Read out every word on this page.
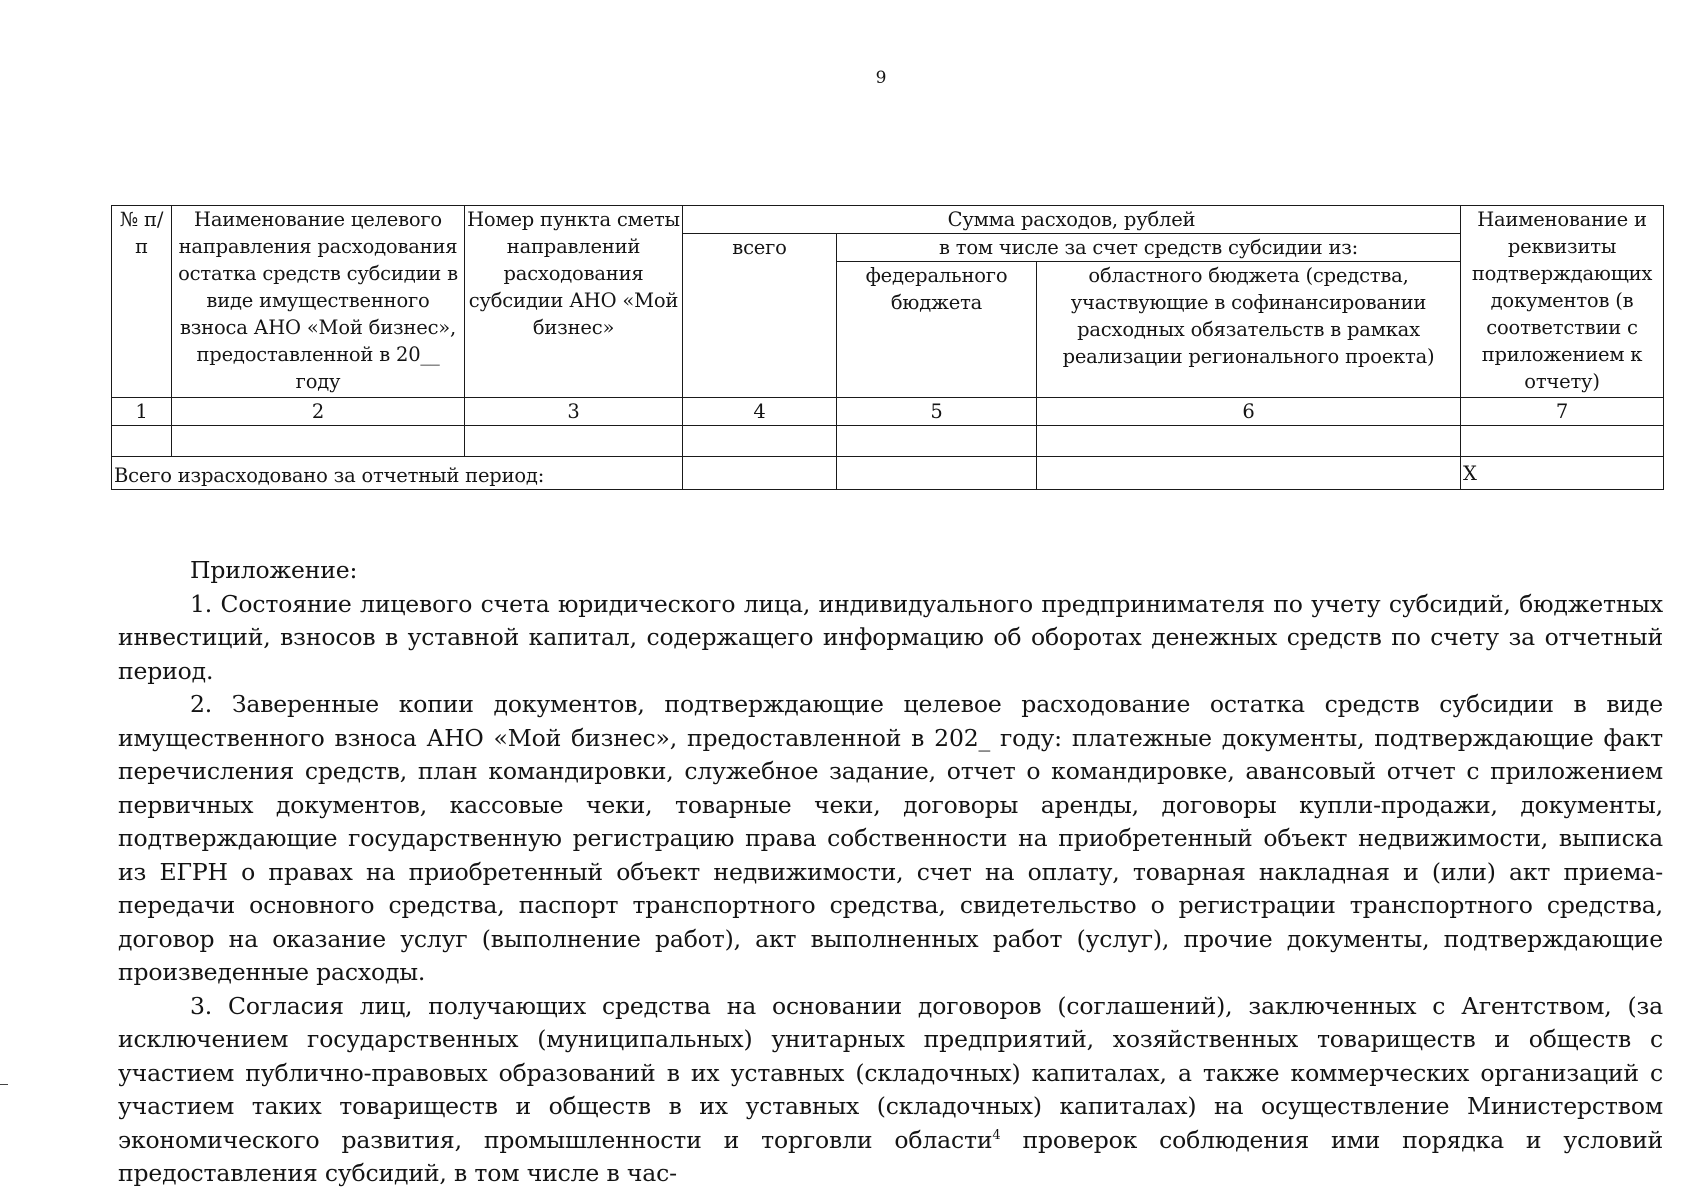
9
№ п/п	Наименование целевого направления расходования остатка средств субсидии в виде имущественного взноса АНО «Мой бизнес», предоставленной в 20__ году	Номер пункта сметы направлений расходования субсидии АНО «Мой бизнес»	Сумма расходов, рублей			Наименование и реквизиты подтверждающих документов (в соответствии с приложением к отчету)
			всего	в том числе за счет средств субсидии из:		
				федерального бюджета	областного бюджета (средства, участвующие в софинансировании расходных обязательств в рамках реализации регионального проекта)	
1	2	3	4	5	6	7

Всего израсходовано за отчетный период:						Х

Приложение:

1. Состояние лицевого счета юридического лица, индивидуального предпринимателя по учету субсидий, бюджетных инвестиций, взносов в уставной капитал, содержащего информацию об оборотах денежных средств по счету за отчетный период.

2. Заверенные копии документов, подтверждающие целевое расходование остатка средств субсидии в виде имущественного взноса АНО «Мой бизнес», предоставленной в 202_ году: платежные документы, подтверждающие факт перечисления средств, план командировки, служебное задание, отчет о командировке, авансовый отчет с приложением первичных документов, кассовые чеки, товарные чеки, договоры аренды, договоры купли-продажи, документы, подтверждающие государственную регистрацию права собственности на приобретенный объект недвижимости, выписка из ЕГРН о правах на приобретенный объект недвижимости, счет на оплату, товарная накладная и (или) акт приема-передачи основного средства, паспорт транспортного средства, свидетельство о регистрации транспортного средства, договор на оказание услуг (выполнение работ), акт выполненных работ (услуг), прочие документы, подтверждающие произведенные расходы.

3. Согласия лиц, получающих средства на основании договоров (соглашений), заключенных с Агентством, (за исключением государственных (муниципальных) унитарных предприятий, хозяйственных товариществ и обществ с участием публично-правовых образований в их уставных (складочных) капиталах, а также коммерческих организаций с участием таких товариществ и обществ в их уставных (складочных) капиталах) на осуществление Министерством экономического развития, промышленности и торговли области$^4$ проверок соблюдения ими порядка и условий предоставления субсидий, в том числе в час-
